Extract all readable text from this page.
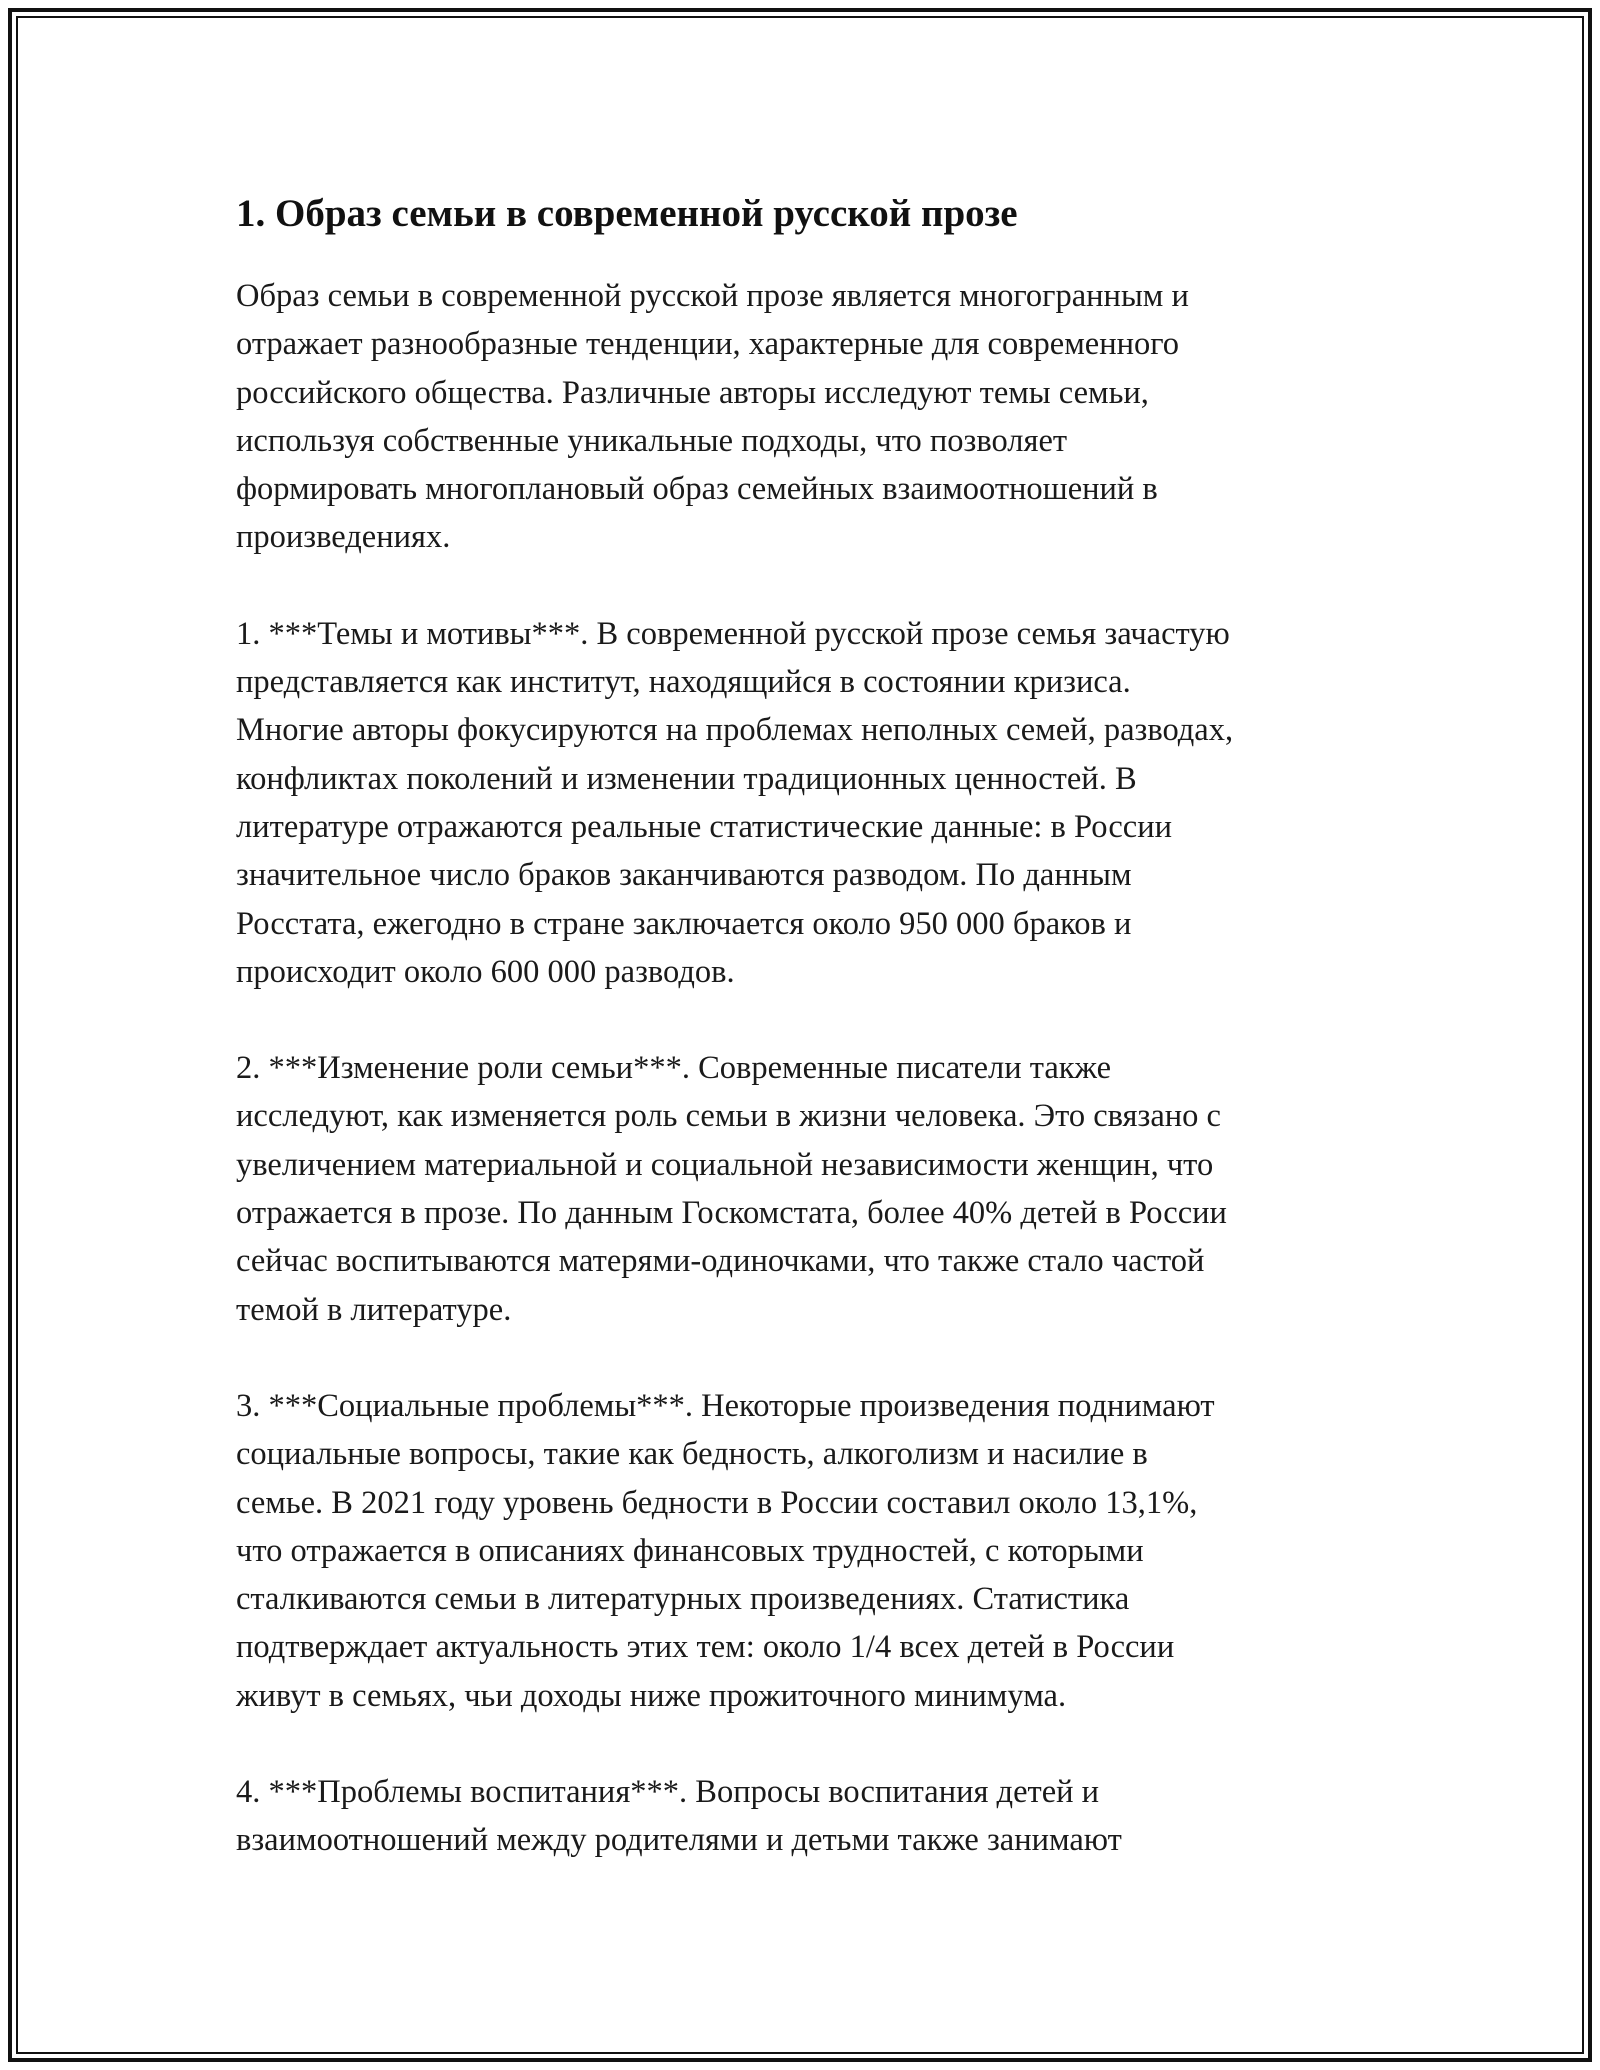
1. Образ семьи в современной русской прозе

Образ семьи в современной русской прозе является многогранным и
отражает разнообразные тенденции, характерные для современного
российского общества. Различные авторы исследуют темы семьи,
используя собственные уникальные подходы, что позволяет
формировать многоплановый образ семейных взаимоотношений в
произведениях.

1. ***Темы и мотивы***. В современной русской прозе семья зачастую
представляется как институт, находящийся в состоянии кризиса.
Многие авторы фокусируются на проблемах неполных семей, разводах,
конфликтах поколений и изменении традиционных ценностей. В
литературе отражаются реальные статистические данные: в России
значительное число браков заканчиваются разводом. По данным
Росстата, ежегодно в стране заключается около 950 000 браков и
происходит около 600 000 разводов.

2. ***Изменение роли семьи***. Современные писатели также
исследуют, как изменяется роль семьи в жизни человека. Это связано с
увеличением материальной и социальной независимости женщин, что
отражается в прозе. По данным Госкомстата, более 40% детей в России
сейчас воспитываются матерями-одиночками, что также стало частой
темой в литературе.

3. ***Социальные проблемы***. Некоторые произведения поднимают
социальные вопросы, такие как бедность, алкоголизм и насилие в
семье. В 2021 году уровень бедности в России составил около 13,1%,
что отражается в описаниях финансовых трудностей, с которыми
сталкиваются семьи в литературных произведениях. Статистика
подтверждает актуальность этих тем: около 1/4 всех детей в России
живут в семьях, чьи доходы ниже прожиточного минимума.

4. ***Проблемы воспитания***. Вопросы воспитания детей и
взаимоотношений между родителями и детьми также занимают
